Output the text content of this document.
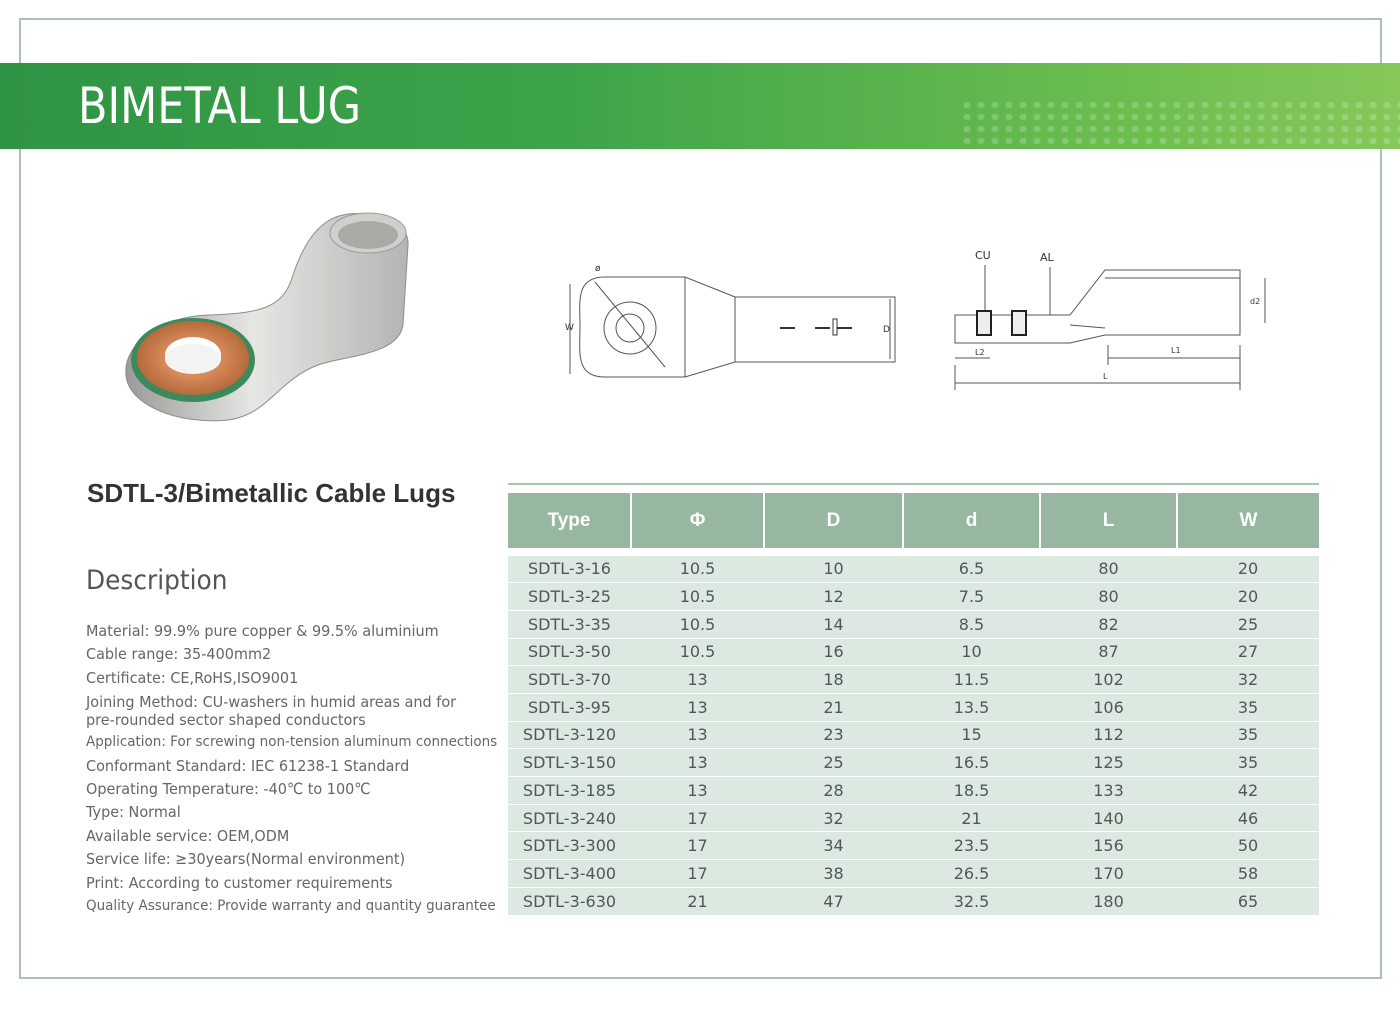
BIMETAL LUG
ø
W	D
CU	AL
d2
L1
L2
L
SDTL-3/Bimetallic Cable Lugs
Description
Material: 99.9% pure copper & 99.5% aluminium
Cable range: 35-400mm2
Certificate: CE,RoHS,ISO9001
Joining Method: CU-washers in humid areas and for pre-rounded sector shaped conductors
Application: For screwing non-tension aluminum connections
Conformant Standard: IEC 61238-1 Standard
Operating Temperature: -40℃ to 100℃
Type: Normal
Available service: OEM,ODM
Service life: ≥30years(Normal environment)
Print: According to customer requirements
Quality Assurance: Provide warranty and quantity guarantee
Type	Φ	D	d	L	W

SDTL-3-16	10.5	10	6.5	80	20
SDTL-3-25	10.5	12	7.5	80	20
SDTL-3-35	10.5	14	8.5	82	25
SDTL-3-50	10.5	16	10	87	27
SDTL-3-70	13	18	11.5	102	32
SDTL-3-95	13	21	13.5	106	35
SDTL-3-120	13	23	15	112	35
SDTL-3-150	13	25	16.5	125	35
SDTL-3-185	13	28	18.5	133	42
SDTL-3-240	17	32	21	140	46
SDTL-3-300	17	34	23.5	156	50
SDTL-3-400	17	38	26.5	170	58
SDTL-3-630	21	47	32.5	180	65
